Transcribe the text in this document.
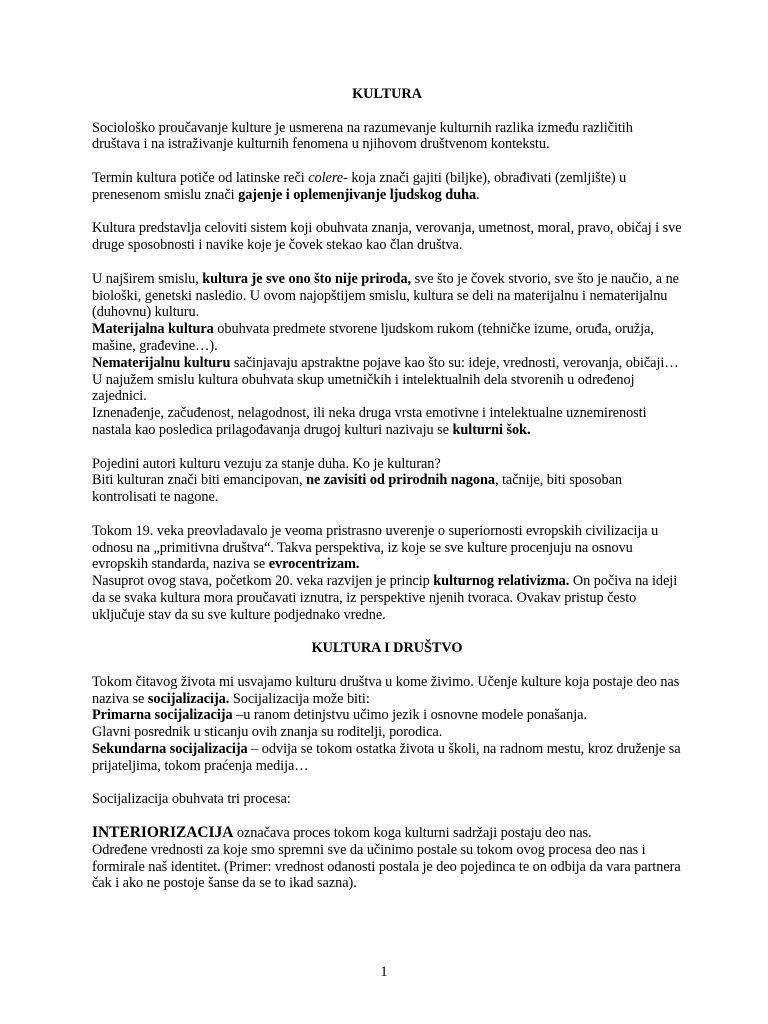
KULTURA

Sociološko proučavanje kulture je usmerena na razumevanje kulturnih razlika između različitih društava i na istraživanje kulturnih fenomena u njihovom društvenom kontekstu.

Termin kultura potiče od latinske reči colere- koja znači gajiti (biljke), obrađivati (zemljište) u prenesenom smislu znači gajenje i oplemenjivanje ljudskog duha.

Kultura predstavlja celoviti sistem koji obuhvata znanja, verovanja, umetnost, moral, pravo, običaj i sve druge sposobnosti i navike koje je čovek stekao kao član društva.

U najširem smislu, kultura je sve ono što nije priroda, sve što je čovek stvorio, sve što je naučio, a ne biološki, genetski nasledio. U ovom najopštijem smislu, kultura se deli na materijalnu i nematerijalnu (duhovnu) kulturu.

Materijalna kultura obuhvata predmete stvorene ljudskom rukom (tehničke izume, oruđa, oružja, mašine, građevine…).

Nematerijalnu kulturu sačinjavaju apstraktne pojave kao što su: ideje, vrednosti, verovanja, običaji…

U najužem smislu kultura obuhvata skup umetničkih i intelektualnih dela stvorenih u određenoj zajednici.

Iznenađenje, začuđenost, nelagodnost, ili neka druga vrsta emotivne i intelektualne uznemirenosti nastala kao posledica prilagođavanja drugoj kulturi nazivaju se kulturni šok.

Pojedini autori kulturu vezuju za stanje duha. Ko je kulturan?

Biti kulturan znači biti emancipovan, ne zavisiti od prirodnih nagona, tačnije, biti sposoban kontrolisati te nagone.

Tokom 19. veka preovladavalo je veoma pristrasno uverenje o superiornosti evropskih civilizacija u odnosu na „primitivna društva“. Takva perspektiva, iz koje se sve kulture procenjuju na osnovu evropskih standarda, naziva se evrocentrizam.

Nasuprot ovog stava, početkom 20. veka razvijen je princip kulturnog relativizma. On počiva na ideji da se svaka kultura mora proučavati iznutra, iz perspektive njenih tvoraca. Ovakav pristup često uključuje stav da su sve kulture podjednako vredne.

KULTURA I DRUŠTVO

Tokom čitavog života mi usvajamo kulturu društva u kome živimo. Učenje kulture koja postaje deo nas naziva se socijalizacija. Socijalizacija može biti:

Primarna socijalizacija –u ranom detinjstvu učimo jezik i osnovne modele ponašanja.

Glavni posrednik u sticanju ovih znanja su roditelji, porodica.

Sekundarna socijalizacija – odvija se tokom ostatka života u školi, na radnom mestu, kroz druženje sa prijateljima, tokom praćenja medija…

Socijalizacija obuhvata tri procesa:

INTERIORIZACIJA označava proces tokom koga kulturni sadržaji postaju deo nas.

Određene vrednosti za koje smo spremni sve da učinimo postale su tokom ovog procesa deo nas i formirale naš identitet. (Primer: vrednost odanosti postala je deo pojedinca te on odbija da vara partnera čak i ako ne postoje šanse da se to ikad sazna).

1
